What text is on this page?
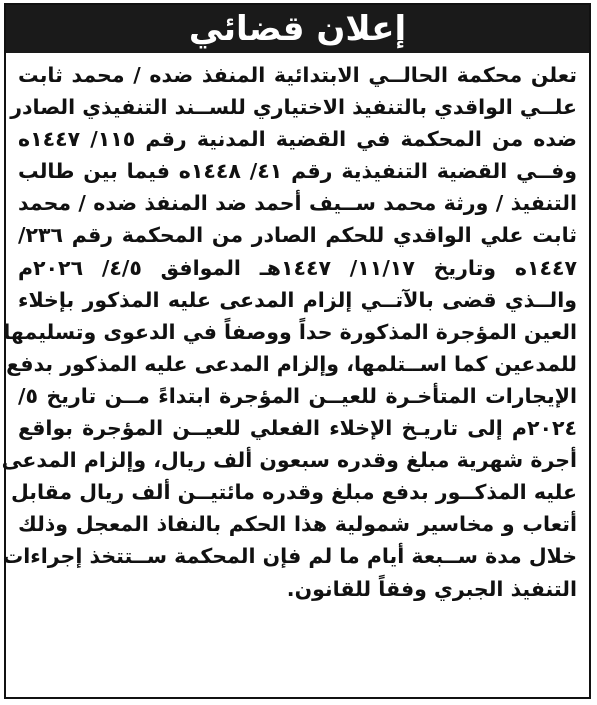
إعلان قضائي
تعلن محكمة الحالــي الابتدائية المنفذ ضده / محمد ثابت
علــي الواقدي بالتنفيذ الاختياري للســند التنفيذي الصادر
ضده من المحكمة في القضية المدنية رقم ١١٥/ ١٤٤٧ه
وفــي القضية التنفيذية رقم ٤١/ ١٤٤٨ه فيما بين طالب
التنفيذ / ورثة محمد ســيف أحمد ضد المنفذ ضده / محمد
ثابت علي الواقدي للحكم الصادر من المحكمة رقم ٢٣٦/
١٤٤٧ه وتاريخ ١١/١٧/ ١٤٤٧هـ الموافق ٤/٥/ ٢٠٢٦م
والــذي قضى بالآتــي إلزام المدعى عليه المذكور بإخلاء
العين المؤجرة المذكورة حداً ووصفاً في الدعوى وتسليمها
للمدعين كما اســتلمها، وإلزام المدعى عليه المذكور بدفع
الإيجارات المتأخـرة للعيــن المؤجرة ابتداءً مــن تاريخ ٥/
٢٠٢٤م إلى تاريـخ الإخلاء الفعلي للعيــن المؤجرة بواقع
أجرة شهرية مبلغ وقدره سبعون ألف ريال، وإلزام المدعى
عليه المذكــور بدفع مبلغ وقدره مائتيــن ألف ريال مقابل
أتعاب و مخاسير شمولية هذا الحكم بالنفاذ المعجل وذلك
خلال مدة ســبعة أيام ما لم فإن المحكمة ســتتخذ إجراءات
التنفيذ الجبري وفقاً للقانون.
